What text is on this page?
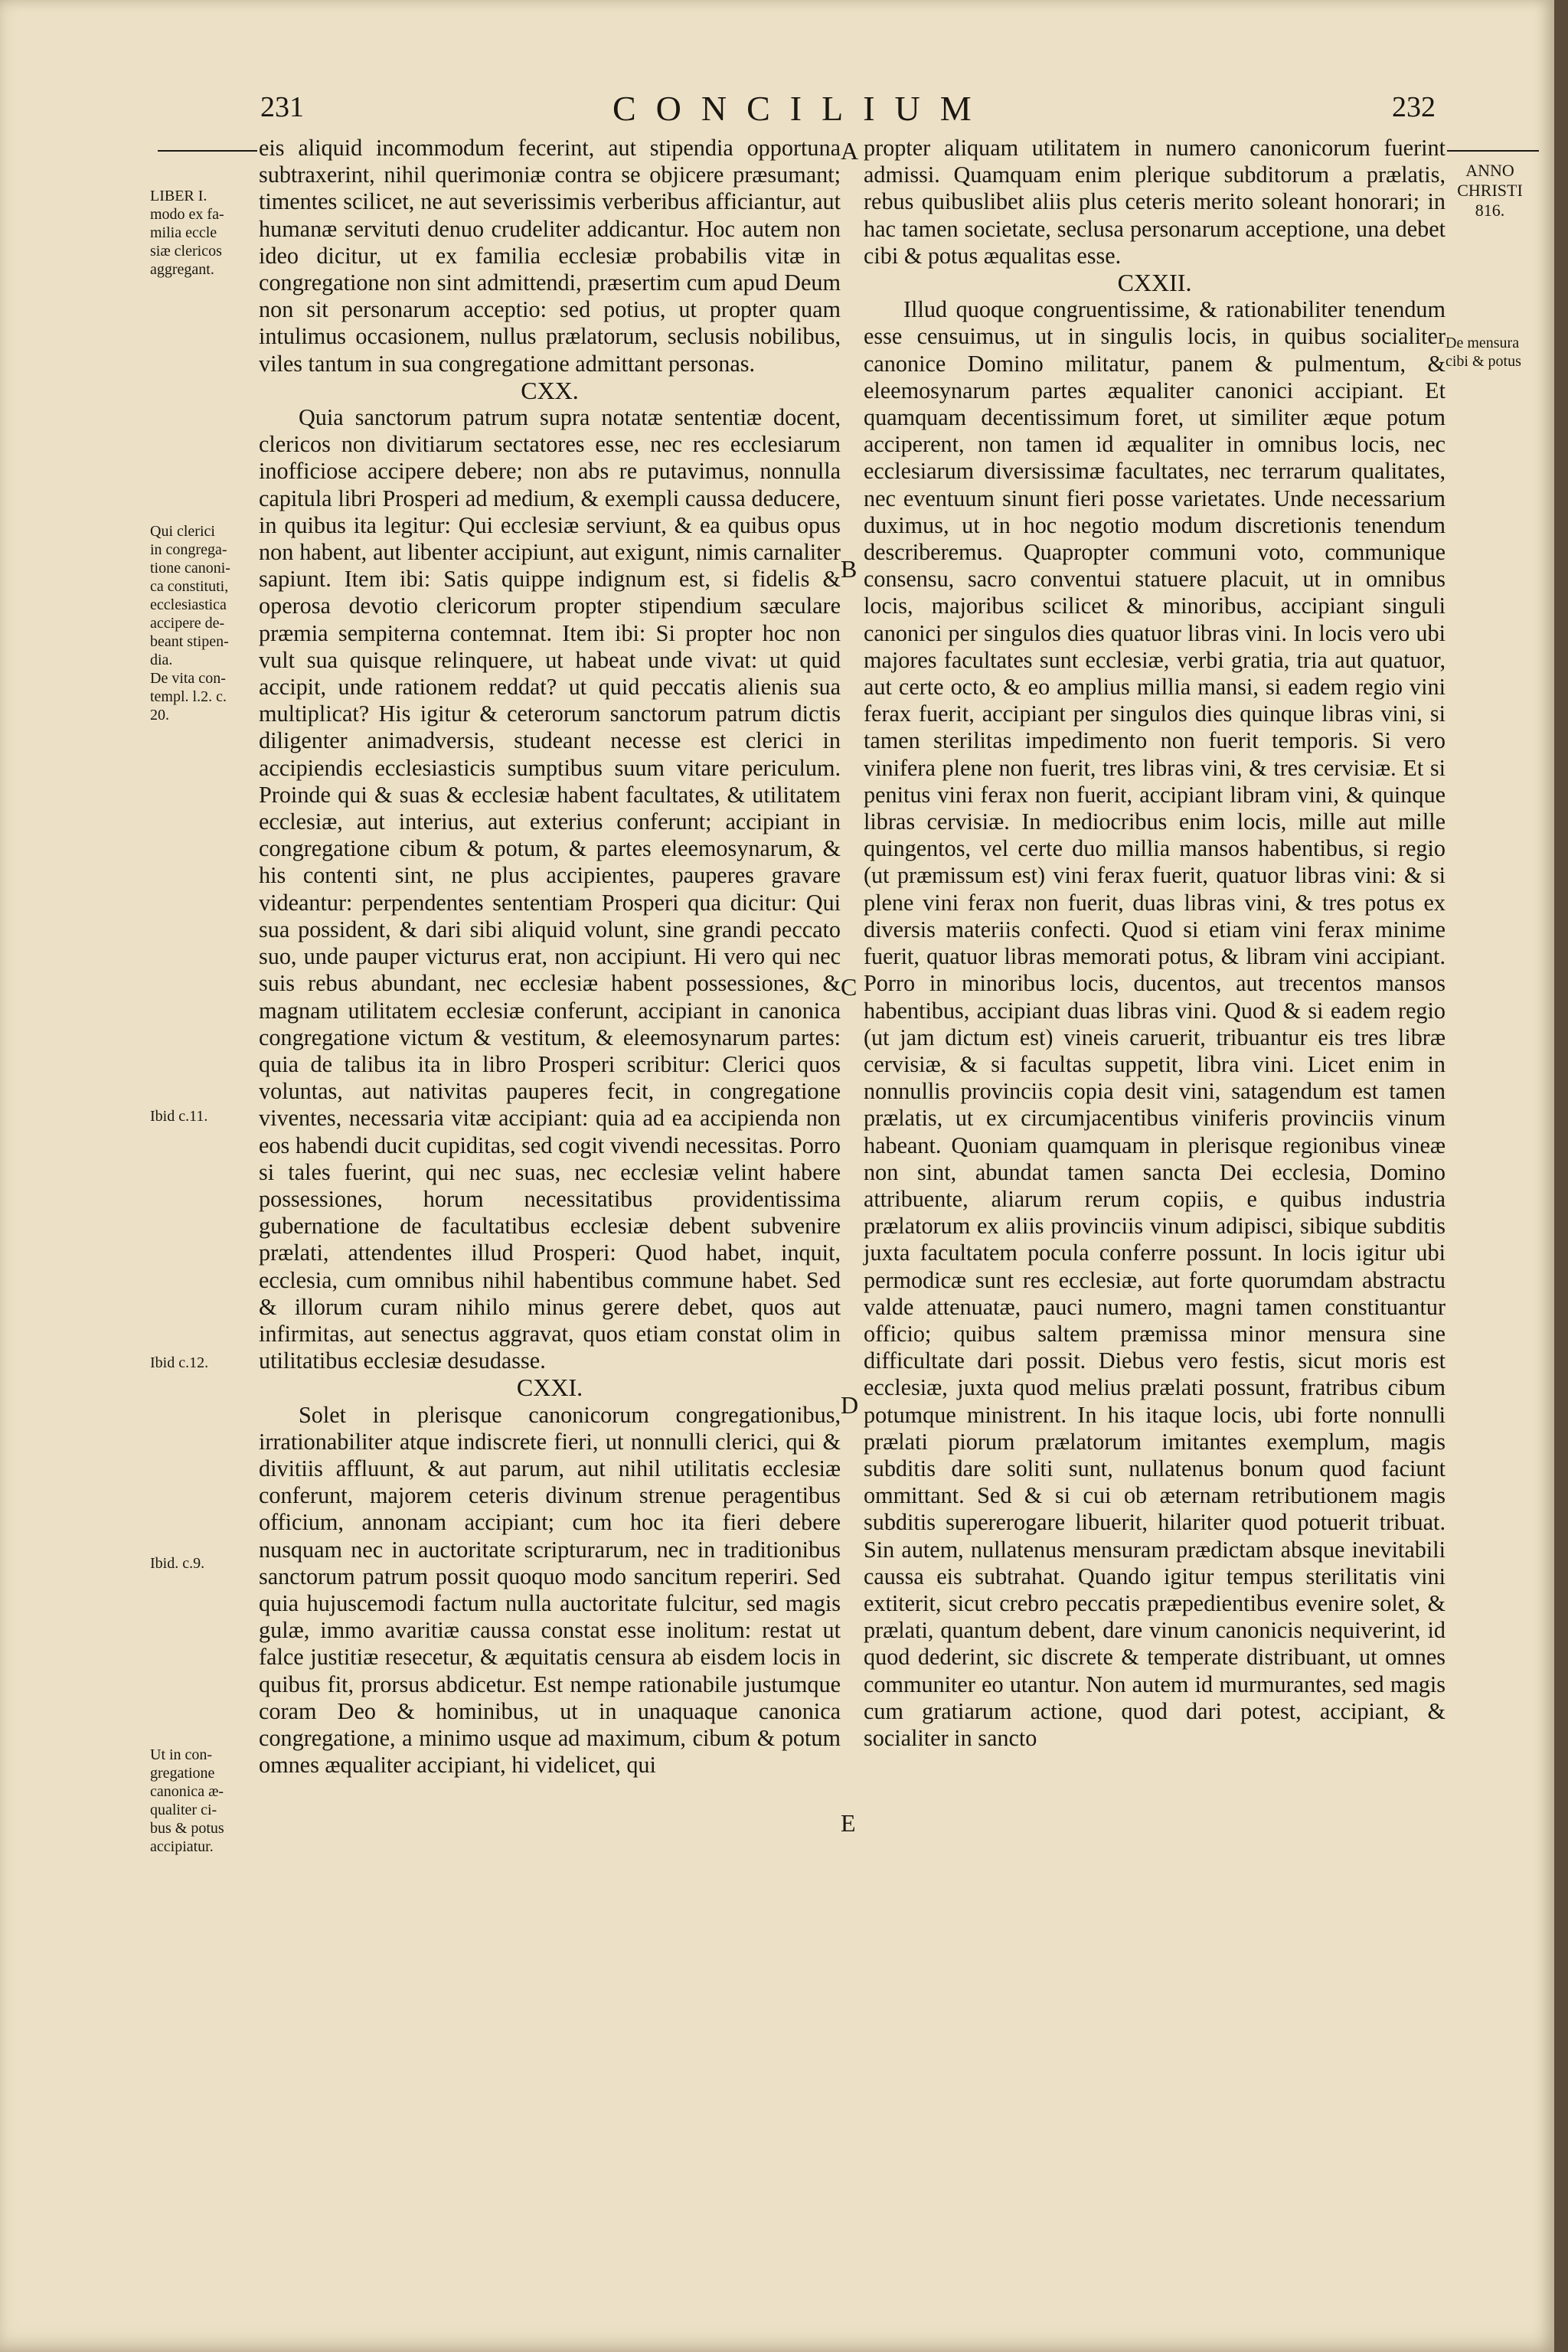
231	CONCILIUM	232
ANNO
CHRISTI
816.
LIBER I.
modo ex fa-
milia eccle
siæ clericos
aggregant.
Qui clerici
in congrega-
tione canoni-
ca constituti,
ecclesiastica
accipere de-
beant stipen-
dia.
De vita con-
templ. l.2. c.
20.
Ibid c.11.
Ibid c.12.
Ibid. c.9.
Ut in con-
gregatione
canonica æ-
qualiter ci-
bus & potus
accipiatur.
De mensura
cibi & potus
A
B
C
D
E

eis aliquid incommodum fecerint, aut stipendia opportuna subtraxerint, nihil querimoniæ contra se objicere præsumant; timentes scilicet, ne aut severissimis verberibus afficiantur, aut humanæ servituti denuo crudeliter addicantur. Hoc autem non ideo dicitur, ut ex familia ecclesiæ probabilis vitæ in congregatione non sint admittendi, præsertim cum apud Deum non sit personarum acceptio: sed potius, ut propter quam intulimus occasionem, nullus prælatorum, seclusis nobilibus, viles tantum in sua congregatione admittant personas.

CXX.

Quia sanctorum patrum supra notatæ sententiæ docent, clericos non divitiarum sectatores esse, nec res ecclesiarum inofficiose accipere debere; non abs re putavimus, nonnulla capitula libri Prosperi ad medium, & exempli caussa deducere, in quibus ita legitur: Qui ecclesiæ serviunt, & ea quibus opus non habent, aut libenter accipiunt, aut exigunt, nimis carnaliter sapiunt. Item ibi: Satis quippe indignum est, si fidelis & operosa devotio clericorum propter stipendium sæculare præmia sempiterna contemnat. Item ibi: Si propter hoc non vult sua quisque relinquere, ut habeat unde vivat: ut quid accipit, unde rationem reddat? ut quid peccatis alienis sua multiplicat? His igitur & ceterorum sanctorum patrum dictis diligenter animadversis, studeant necesse est clerici in accipiendis ecclesiasticis sumptibus suum vitare periculum. Proinde qui & suas & ecclesiæ habent facultates, & utilitatem ecclesiæ, aut interius, aut exterius conferunt; accipiant in congregatione cibum & potum, & partes eleemosynarum, & his contenti sint, ne plus accipientes, pauperes gravare videantur: perpendentes sententiam Prosperi qua dicitur: Qui sua possident, & dari sibi aliquid volunt, sine grandi peccato suo, unde pauper victurus erat, non accipiunt. Hi vero qui nec suis rebus abundant, nec ecclesiæ habent possessiones, & magnam utilitatem ecclesiæ conferunt, accipiant in canonica congregatione victum & vestitum, & eleemosynarum partes: quia de talibus ita in libro Prosperi scribitur: Clerici quos voluntas, aut nativitas pauperes fecit, in congregatione viventes, necessaria vitæ accipiant: quia ad ea accipienda non eos habendi ducit cupiditas, sed cogit vivendi necessitas. Porro si tales fuerint, qui nec suas, nec ecclesiæ velint habere possessiones, horum necessitatibus providentissima gubernatione de facultatibus ecclesiæ debent subvenire prælati, attendentes illud Prosperi: Quod habet, inquit, ecclesia, cum omnibus nihil habentibus commune habet. Sed & illorum curam nihilo minus gerere debet, quos aut infirmitas, aut senectus aggravat, quos etiam constat olim in utilitatibus ecclesiæ desudasse.

CXXI.

Solet in plerisque canonicorum congregationibus, irrationabiliter atque indiscrete fieri, ut nonnulli clerici, qui & divitiis affluunt, & aut parum, aut nihil utilitatis ecclesiæ conferunt, majorem ceteris divinum strenue peragentibus officium, annonam accipiant; cum hoc ita fieri debere nusquam nec in auctoritate scripturarum, nec in traditionibus sanctorum patrum possit quoquo modo sancitum reperiri. Sed quia hujuscemodi factum nulla auctoritate fulcitur, sed magis gulæ, immo avaritiæ caussa constat esse inolitum: restat ut falce justitiæ resecetur, & æquitatis censura ab eisdem locis in quibus fit, prorsus abdicetur. Est nempe rationabile justumque coram Deo & hominibus, ut in unaquaque canonica congregatione, a minimo usque ad maximum, cibum & potum omnes æqualiter accipiant, hi videlicet, qui

propter aliquam utilitatem in numero canonicorum fuerint admissi. Quamquam enim plerique subditorum a prælatis, rebus quibuslibet aliis plus ceteris merito soleant honorari; in hac tamen societate, seclusa personarum acceptione, una debet cibi & potus æqualitas esse.

CXXII.

Illud quoque congruentissime, & rationabiliter tenendum esse censuimus, ut in singulis locis, in quibus socialiter canonice Domino militatur, panem & pulmentum, & eleemosynarum partes æqualiter canonici accipiant. Et quamquam decentissimum foret, ut similiter æque potum acciperent, non tamen id æqualiter in omnibus locis, nec ecclesiarum diversissimæ facultates, nec terrarum qualitates, nec eventuum sinunt fieri posse varietates. Unde necessarium duximus, ut in hoc negotio modum discretionis tenendum describeremus. Quapropter communi voto, communique consensu, sacro conventui statuere placuit, ut in omnibus locis, majoribus scilicet & minoribus, accipiant singuli canonici per singulos dies quatuor libras vini. In locis vero ubi majores facultates sunt ecclesiæ, verbi gratia, tria aut quatuor, aut certe octo, & eo amplius millia mansi, si eadem regio vini ferax fuerit, accipiant per singulos dies quinque libras vini, si tamen sterilitas impedimento non fuerit temporis. Si vero vinifera plene non fuerit, tres libras vini, & tres cervisiæ. Et si penitus vini ferax non fuerit, accipiant libram vini, & quinque libras cervisiæ. In mediocribus enim locis, mille aut mille quingentos, vel certe duo millia mansos habentibus, si regio (ut præmissum est) vini ferax fuerit, quatuor libras vini: & si plene vini ferax non fuerit, duas libras vini, & tres potus ex diversis materiis confecti. Quod si etiam vini ferax minime fuerit, quatuor libras memorati potus, & libram vini accipiant. Porro in minoribus locis, ducentos, aut trecentos mansos habentibus, accipiant duas libras vini. Quod & si eadem regio (ut jam dictum est) vineis caruerit, tribuantur eis tres libræ cervisiæ, & si facultas suppetit, libra vini. Licet enim in nonnullis provinciis copia desit vini, satagendum est tamen prælatis, ut ex circumjacentibus viniferis provinciis vinum habeant. Quoniam quamquam in plerisque regionibus vineæ non sint, abundat tamen sancta Dei ecclesia, Domino attribuente, aliarum rerum copiis, e quibus industria prælatorum ex aliis provinciis vinum adipisci, sibique subditis juxta facultatem pocula conferre possunt. In locis igitur ubi permodicæ sunt res ecclesiæ, aut forte quorumdam abstractu valde attenuatæ, pauci numero, magni tamen constituantur officio; quibus saltem præmissa minor mensura sine difficultate dari possit. Diebus vero festis, sicut moris est ecclesiæ, juxta quod melius prælati possunt, fratribus cibum potumque ministrent. In his itaque locis, ubi forte nonnulli prælati piorum prælatorum imitantes exemplum, magis subditis dare soliti sunt, nullatenus bonum quod faciunt ommittant. Sed & si cui ob æternam retributionem magis subditis supererogare libuerit, hilariter quod potuerit tribuat. Sin autem, nullatenus mensuram prædictam absque inevitabili caussa eis subtrahat. Quando igitur tempus sterilitatis vini extiterit, sicut crebro peccatis præpedientibus evenire solet, & prælati, quantum debent, dare vinum canonicis nequiverint, id quod dederint, sic discrete & temperate distribuant, ut omnes communiter eo utantur. Non autem id murmurantes, sed magis cum gratiarum actione, quod dari potest, accipiant, & socialiter in sancto
